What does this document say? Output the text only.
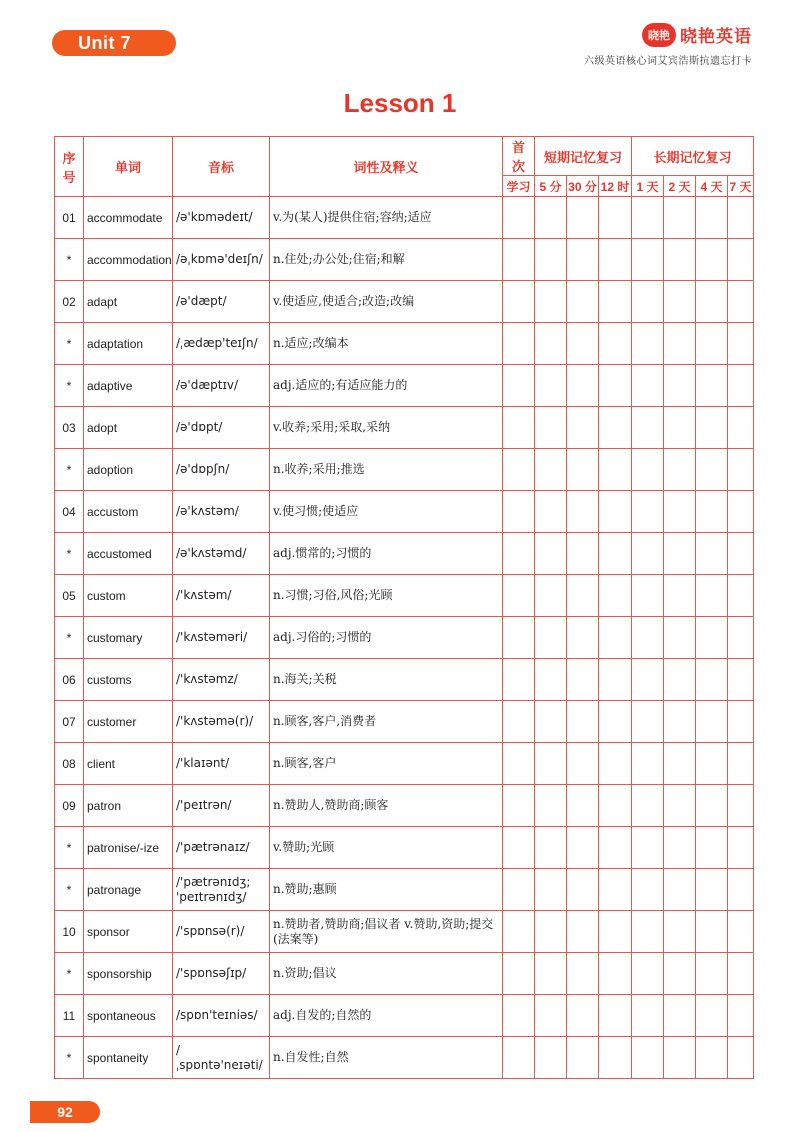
Unit 7	晓艳 晓艳英语
六级英语核心词艾宾浩斯抗遗忘打卡
Lesson 1
序号	单词	音标	词性及释义	首次	短期记忆复习			长期记忆复习			
				学习	5 分	30 分	12 时	1 天	2 天	4 天	7 天
01	accommodate	/ə'kɒmədeɪt/	v.为(某人)提供住宿;容纳;适应								
*	accommodation	/əˌkɒmə'deɪʃn/	n.住处;办公处;住宿;和解								
02	adapt	/ə'dæpt/	v.使适应,使适合;改造;改编								
*	adaptation	/ˌædæp'teɪʃn/	n.适应;改编本								
*	adaptive	/ə'dæptɪv/	adj.适应的;有适应能力的								
03	adopt	/ə'dɒpt/	v.收养;采用;采取,采纳								
*	adoption	/ə'dɒpʃn/	n.收养;采用;推选								
04	accustom	/ə'kʌstəm/	v.使习惯;使适应								
*	accustomed	/ə'kʌstəmd/	adj.惯常的;习惯的								
05	custom	/'kʌstəm/	n.习惯;习俗,风俗;光顾								
*	customary	/'kʌstəməri/	adj.习俗的;习惯的								
06	customs	/'kʌstəmz/	n.海关;关税								
07	customer	/'kʌstəmə(r)/	n.顾客,客户,消费者								
08	client	/'klaɪənt/	n.顾客,客户								
09	patron	/'peɪtrən/	n.赞助人,赞助商;顾客								
*	patronise/-ize	/'pætrənaɪz/	v.赞助;光顾								
*	patronage	/'pætrənɪdʒ; 'peɪtrənɪdʒ/	n.赞助;惠顾								
10	sponsor	/'spɒnsə(r)/	n.赞助者,赞助商;倡议者 v.赞助,资助;提交(法案等)								
*	sponsorship	/'spɒnsəʃɪp/	n.资助;倡议								
11	spontaneous	/spɒn'teɪniəs/	adj.自发的;自然的								
*	spontaneity	/ˌspɒntə'neɪəti/	n.自发性;自然								
92
